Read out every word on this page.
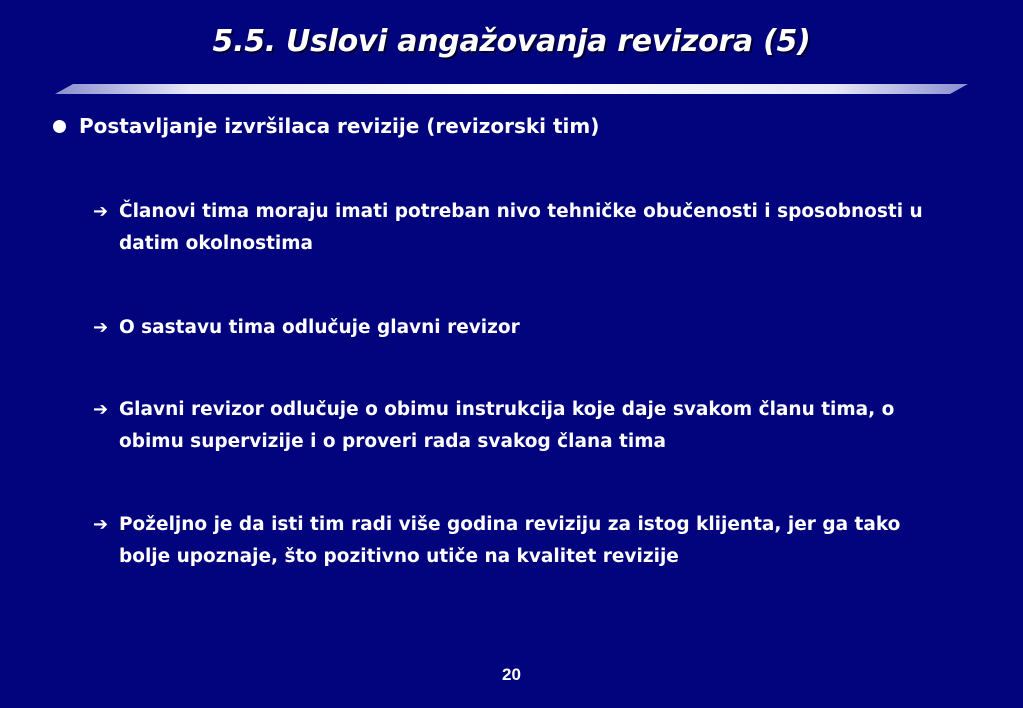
5.5. Uslovi angažovanja revizora (5)
Postavljanje izvršilaca revizije (revizorski tim)
➔ Članovi tima moraju imati potreban nivo tehničke obučenosti i sposobnosti u datim okolnostima
➔ O sastavu tima odlučuje glavni revizor
➔ Glavni revizor odlučuje o obimu instrukcija koje daje svakom članu tima, o obimu supervizije i o proveri rada svakog člana tima
➔ Poželjno je da isti tim radi više godina reviziju za istog klijenta, jer ga tako bolje upoznaje, što pozitivno utiče na kvalitet revizije
20
